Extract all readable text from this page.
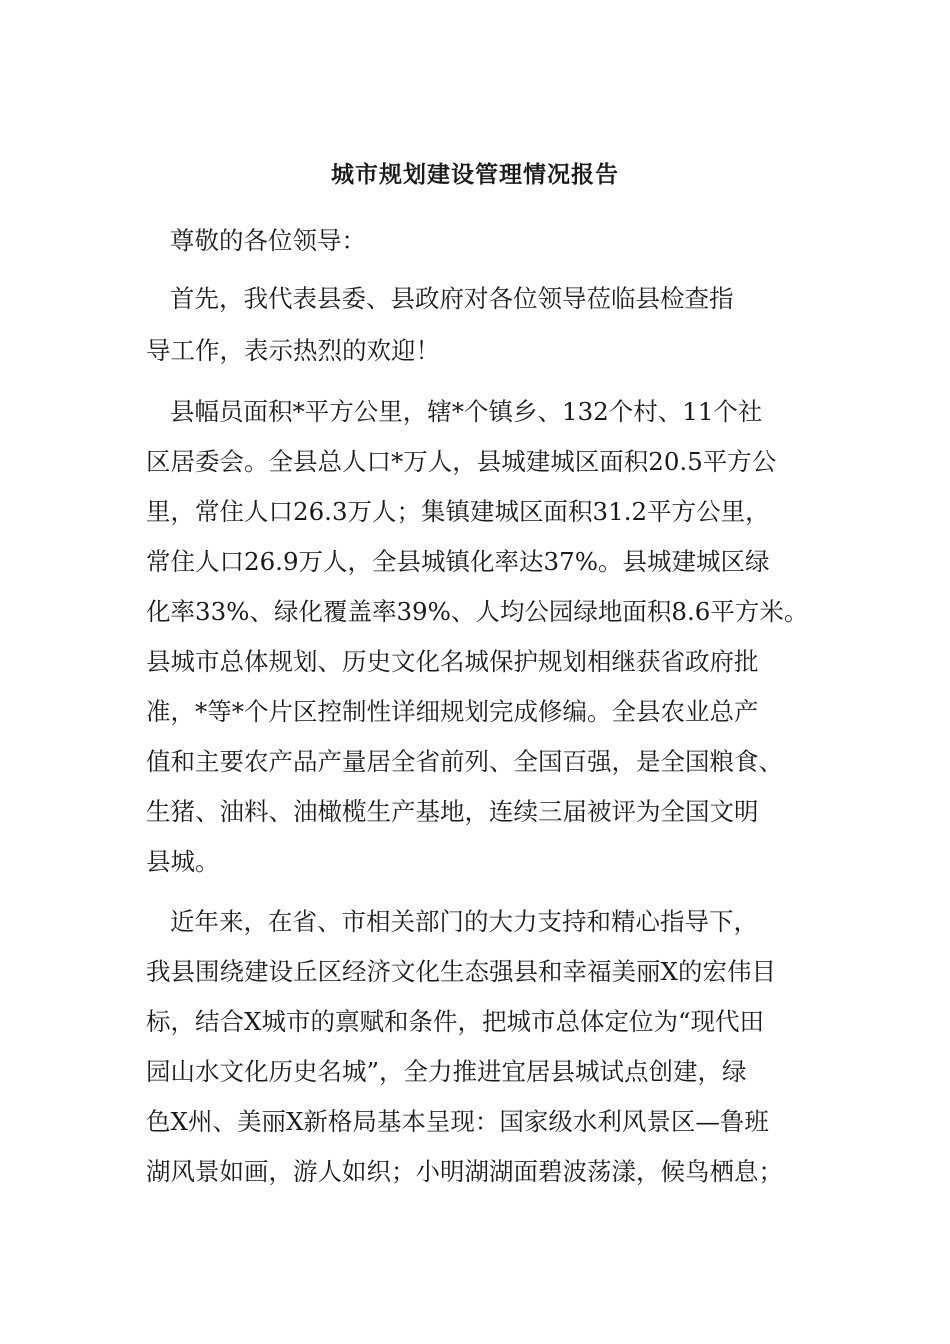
城市规划建设管理情况报告
尊敬的各位领导：
首先，我代表县委、县政府对各位领导莅临县检查指
导工作，表示热烈的欢迎！
县幅员面积*平方公里，辖*个镇乡、132个村、11个社
区居委会。全县总人口*万人，县城建城区面积20.5平方公
里，常住人口26.3万人；集镇建城区面积31.2平方公里，
常住人口26.9万人，全县城镇化率达37%。县城建城区绿
化率33%、绿化覆盖率39%、人均公园绿地面积8.6平方米。
县城市总体规划、历史文化名城保护规划相继获省政府批
准，*等*个片区控制性详细规划完成修编。全县农业总产
值和主要农产品产量居全省前列、全国百强，是全国粮食、
生猪、油料、油橄榄生产基地，连续三届被评为全国文明
县城。
近年来，在省、市相关部门的大力支持和精心指导下，
我县围绕建设丘区经济文化生态强县和幸福美丽X的宏伟目
标，结合X城市的禀赋和条件，把城市总体定位为“现代田
园山水文化历史名城”，全力推进宜居县城试点创建，绿
色X州、美丽X新格局基本呈现：国家级水利风景区—鲁班
湖风景如画，游人如织；小明湖湖面碧波荡漾，候鸟栖息；
